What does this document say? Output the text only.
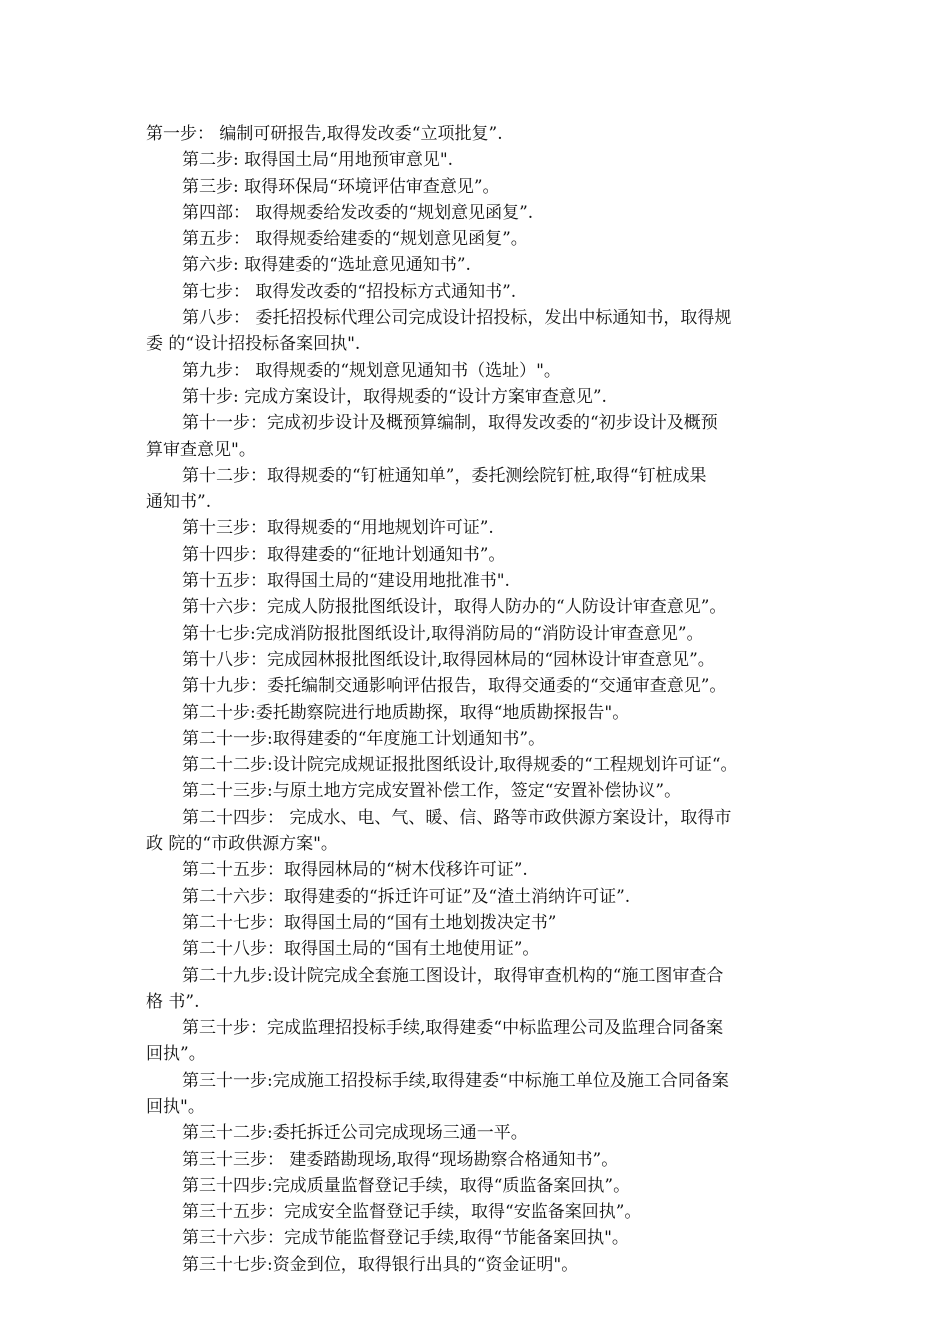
第一步： 编制可研报告,取得发改委“立项批复”.

第二步: 取得国土局“用地预审意见".

第三步: 取得环保局“环境评估审查意见”。

第四部： 取得规委给发改委的“规划意见函复”.

第五步： 取得规委给建委的“规划意见函复”。

第六步: 取得建委的“选址意见通知书”.

第七步： 取得发改委的“招投标方式通知书”.

第八步： 委托招投标代理公司完成设计招投标，发出中标通知书，取得规
委 的“设计招投标备案回执".

第九步： 取得规委的“规划意见通知书（选址）"。

第十步: 完成方案设计，取得规委的“设计方案审查意见”.

第十一步：完成初步设计及概预算编制，取得发改委的“初步设计及概预
算审查意见"。

第十二步：取得规委的“钉桩通知单”，委托测绘院钉桩,取得“钉桩成果
通知书”.

第十三步：取得规委的“用地规划许可证”.

第十四步：取得建委的“征地计划通知书”。

第十五步：取得国土局的“建设用地批准书".

第十六步：完成人防报批图纸设计，取得人防办的“人防设计审查意见”。

第十七步:完成消防报批图纸设计,取得消防局的“消防设计审查意见”。

第十八步：完成园林报批图纸设计,取得园林局的“园林设计审查意见”。

第十九步：委托编制交通影响评估报告，取得交通委的“交通审查意见”。

第二十步:委托勘察院进行地质勘探，取得“地质勘探报告"。

第二十一步:取得建委的“年度施工计划通知书”。

第二十二步:设计院完成规证报批图纸设计,取得规委的“工程规划许可证“。

第二十三步:与原土地方完成安置补偿工作，签定“安置补偿协议”。

第二十四步： 完成水、电、气、暖、信、路等市政供源方案设计，取得市
政 院的“市政供源方案"。

第二十五步：取得园林局的“树木伐移许可证”.

第二十六步：取得建委的“拆迁许可证”及“渣土消纳许可证”.

第二十七步：取得国土局的“国有土地划拨决定书”

第二十八步：取得国土局的“国有土地使用证”。

第二十九步:设计院完成全套施工图设计，取得审查机构的“施工图审查合
格 书”.

第三十步：完成监理招投标手续,取得建委“中标监理公司及监理合同备案
回执”。

第三十一步:完成施工招投标手续,取得建委“中标施工单位及施工合同备案
回执"。

第三十二步:委托拆迁公司完成现场三通一平。

第三十三步： 建委踏勘现场,取得“现场勘察合格通知书”。

第三十四步:完成质量监督登记手续，取得“质监备案回执”。

第三十五步：完成安全监督登记手续，取得“安监备案回执”。

第三十六步：完成节能监督登记手续,取得“节能备案回执"。

第三十七步:资金到位，取得银行出具的“资金证明"。
